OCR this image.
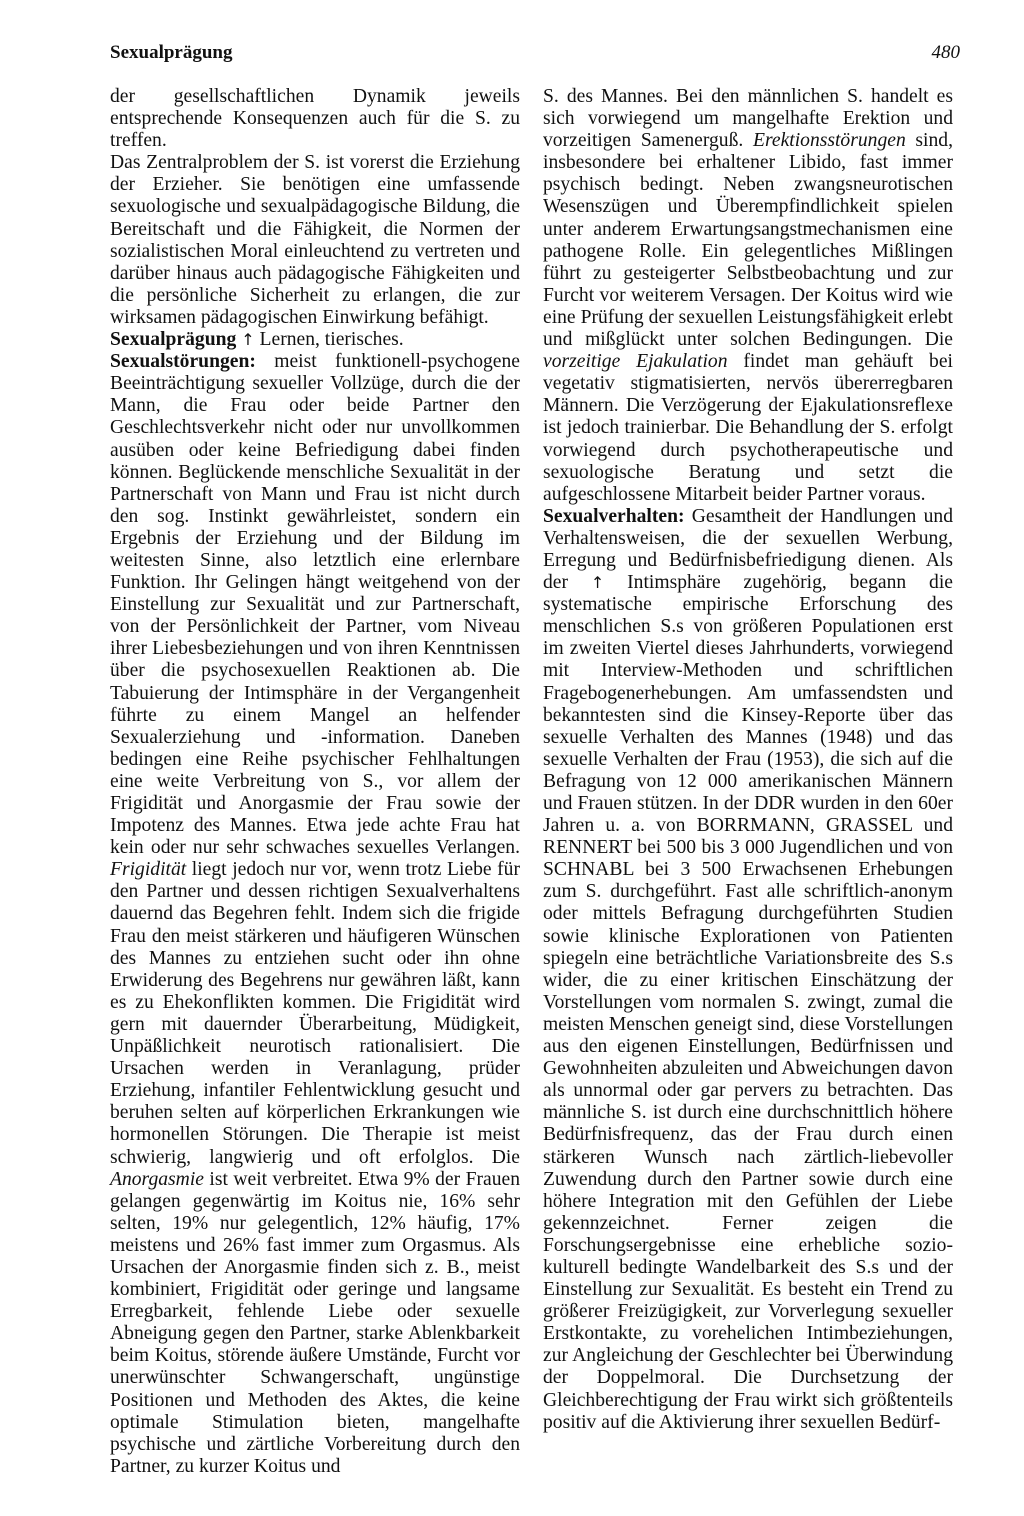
Sexualprägung	480

der gesellschaftlichen Dynamik jeweils entsprechende Konsequenzen auch für die S. zu treffen.

Das Zentralproblem der S. ist vorerst die Erziehung der Erzieher. Sie benötigen eine umfassende sexuologische und sexualpädagogische Bildung, die Bereitschaft und die Fähigkeit, die Normen der sozialistischen Moral einleuchtend zu vertreten und darüber hinaus auch pädagogische Fähigkeiten und die persönliche Sicherheit zu erlangen, die zur wirksamen pädagogischen Einwirkung befähigt.

Sexualprägung ↑ Lernen, tierisches.

Sexualstörungen: meist funktionell-psychogene Beeinträchtigung sexueller Vollzüge, durch die der Mann, die Frau oder beide Partner den Geschlechtsverkehr nicht oder nur unvollkommen ausüben oder keine Befriedigung dabei finden können. Beglückende menschliche Sexualität in der Partnerschaft von Mann und Frau ist nicht durch den sog. Instinkt gewährleistet, sondern ein Ergebnis der Erziehung und der Bildung im weitesten Sinne, also letztlich eine erlernbare Funktion. Ihr Gelingen hängt weitgehend von der Einstellung zur Sexualität und zur Partnerschaft, von der Persönlichkeit der Partner, vom Niveau ihrer Liebesbeziehungen und von ihren Kenntnissen über die psychosexuellen Reaktionen ab. Die Tabuierung der Intimsphäre in der Vergangenheit führte zu einem Mangel an helfender Sexualerziehung und -information. Daneben bedingen eine Reihe psychischer Fehlhaltungen eine weite Verbreitung von S., vor allem der Frigidität und Anorgasmie der Frau sowie der Impotenz des Mannes. Etwa jede achte Frau hat kein oder nur sehr schwaches sexuelles Verlangen. Frigidität liegt jedoch nur vor, wenn trotz Liebe für den Partner und dessen richtigen Sexualverhaltens dauernd das Begehren fehlt. Indem sich die frigide Frau den meist stärkeren und häufigeren Wünschen des Mannes zu entziehen sucht oder ihn ohne Erwiderung des Begehrens nur gewähren läßt, kann es zu Ehekonflikten kommen. Die Frigidität wird gern mit dauernder Überarbeitung, Müdigkeit, Unpäßlichkeit neurotisch rationalisiert. Die Ursachen werden in Veranlagung, prüder Erziehung, infantiler Fehlentwicklung gesucht und beruhen selten auf körperlichen Erkrankungen wie hormonellen Störungen. Die Therapie ist meist schwierig, langwierig und oft erfolglos. Die Anorgasmie ist weit verbreitet. Etwa 9% der Frauen gelangen gegenwärtig im Koitus nie, 16% sehr selten, 19% nur gelegentlich, 12% häufig, 17% meistens und 26% fast immer zum Orgasmus. Als Ursachen der Anorgasmie finden sich z. B., meist kombiniert, Frigidität oder geringe und langsame Erregbarkeit, fehlende Liebe oder sexuelle Abneigung gegen den Partner, starke Ablenkbarkeit beim Koitus, störende äußere Umstände, Furcht vor unerwünschter Schwangerschaft, ungünstige Positionen und Methoden des Aktes, die keine optimale Stimulation bieten, mangelhafte psychische und zärtliche Vorbereitung durch den Partner, zu kurzer Koitus und

S. des Mannes. Bei den männlichen S. handelt es sich vorwiegend um mangelhafte Erektion und vorzeitigen Samenerguß. Erektionsstörungen sind, insbesondere bei erhaltener Libido, fast immer psychisch bedingt. Neben zwangsneurotischen Wesenszügen und Überempfindlichkeit spielen unter anderem Erwartungsangstmechanismen eine pathogene Rolle. Ein gelegentliches Mißlingen führt zu gesteigerter Selbstbeobachtung und zur Furcht vor weiterem Versagen. Der Koitus wird wie eine Prüfung der sexuellen Leistungsfähigkeit erlebt und mißglückt unter solchen Bedingungen. Die vorzeitige Ejakulation findet man gehäuft bei vegetativ stigmatisierten, nervös übererregbaren Männern. Die Verzögerung der Ejakulationsreflexe ist jedoch trainierbar. Die Behandlung der S. erfolgt vorwiegend durch psychotherapeutische und sexuologische Beratung und setzt die aufgeschlossene Mitarbeit beider Partner voraus.

Sexualverhalten: Gesamtheit der Handlungen und Verhaltensweisen, die der sexuellen Werbung, Erregung und Bedürfnisbefriedigung dienen. Als der ↑ Intimsphäre zugehörig, begann die systematische empirische Erforschung des menschlichen S.s von größeren Populationen erst im zweiten Viertel dieses Jahrhunderts, vorwiegend mit Interview-Methoden und schriftlichen Fragebogenerhebungen. Am umfassendsten und bekanntesten sind die Kinsey-Reporte über das sexuelle Verhalten des Mannes (1948) und das sexuelle Verhalten der Frau (1953), die sich auf die Befragung von 12 000 amerikanischen Männern und Frauen stützen. In der DDR wurden in den 60er Jahren u. a. von BORRMANN, GRASSEL und RENNERT bei 500 bis 3 000 Jugendlichen und von SCHNABL bei 3 500 Erwachsenen Erhebungen zum S. durchgeführt. Fast alle schriftlich-anonym oder mittels Befragung durchgeführten Studien sowie klinische Explorationen von Patienten spiegeln eine beträchtliche Variationsbreite des S.s wider, die zu einer kritischen Einschätzung der Vorstellungen vom normalen S. zwingt, zumal die meisten Menschen geneigt sind, diese Vorstellungen aus den eigenen Einstellungen, Bedürfnissen und Gewohnheiten abzuleiten und Abweichungen davon als unnormal oder gar pervers zu betrachten. Das männliche S. ist durch eine durchschnittlich höhere Bedürfnisfrequenz, das der Frau durch einen stärkeren Wunsch nach zärtlich-liebevoller Zuwendung durch den Partner sowie durch eine höhere Integration mit den Gefühlen der Liebe gekennzeichnet. Ferner zeigen die Forschungsergebnisse eine erhebliche sozio-kulturell bedingte Wandelbarkeit des S.s und der Einstellung zur Sexualität. Es besteht ein Trend zu größerer Freizügigkeit, zur Vorverlegung sexueller Erstkontakte, zu vorehelichen Intimbeziehungen, zur Angleichung der Geschlechter bei Überwindung der Doppelmoral. Die Durchsetzung der Gleichberechtigung der Frau wirkt sich größtenteils positiv auf die Aktivierung ihrer sexuellen Bedürf-
